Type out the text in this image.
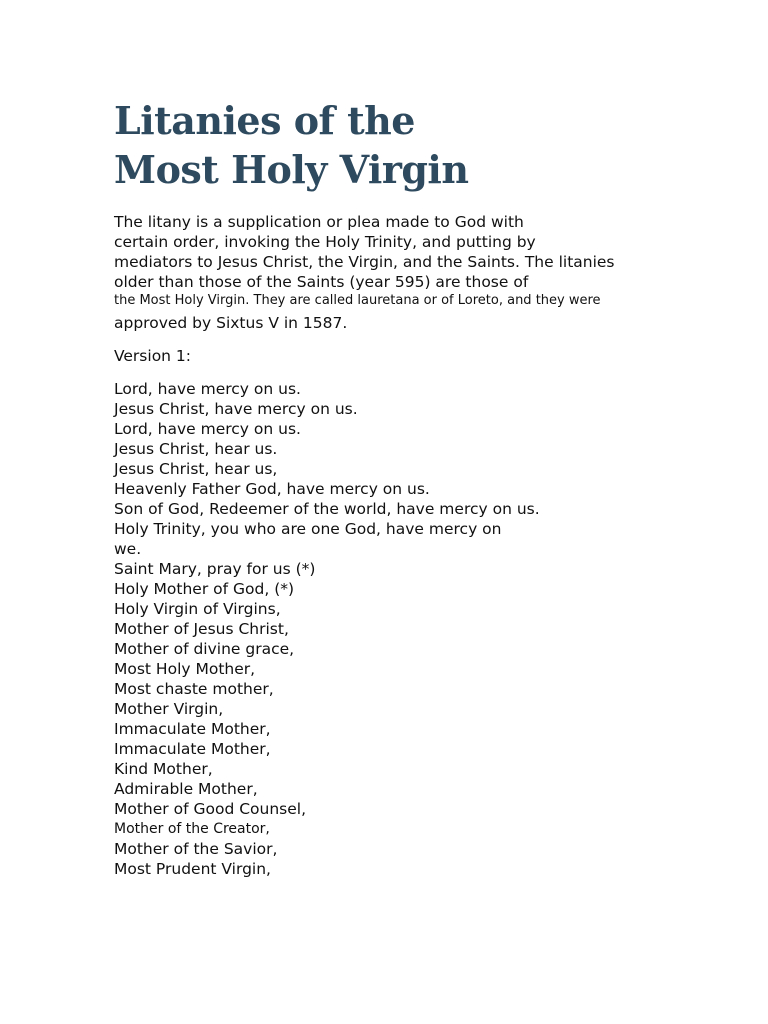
Litanies of the
Most Holy Virgin
The litany is a supplication or plea made to God with
certain order, invoking the Holy Trinity, and putting by
mediators to Jesus Christ, the Virgin, and the Saints. The litanies
older than those of the Saints (year 595) are those of
the Most Holy Virgin. They are called lauretana or of Loreto, and they were
approved by Sixtus V in 1587.
Version 1:
Lord, have mercy on us.
Jesus Christ, have mercy on us.
Lord, have mercy on us.
Jesus Christ, hear us.
Jesus Christ, hear us,
Heavenly Father God, have mercy on us.
Son of God, Redeemer of the world, have mercy on us.
Holy Trinity, you who are one God, have mercy on
we.
Saint Mary, pray for us (*)
Holy Mother of God, (*)
Holy Virgin of Virgins,
Mother of Jesus Christ,
Mother of divine grace,
Most Holy Mother,
Most chaste mother,
Mother Virgin,
Immaculate Mother,
Immaculate Mother,
Kind Mother,
Admirable Mother,
Mother of Good Counsel,
Mother of the Creator,
Mother of the Savior,
Most Prudent Virgin,
